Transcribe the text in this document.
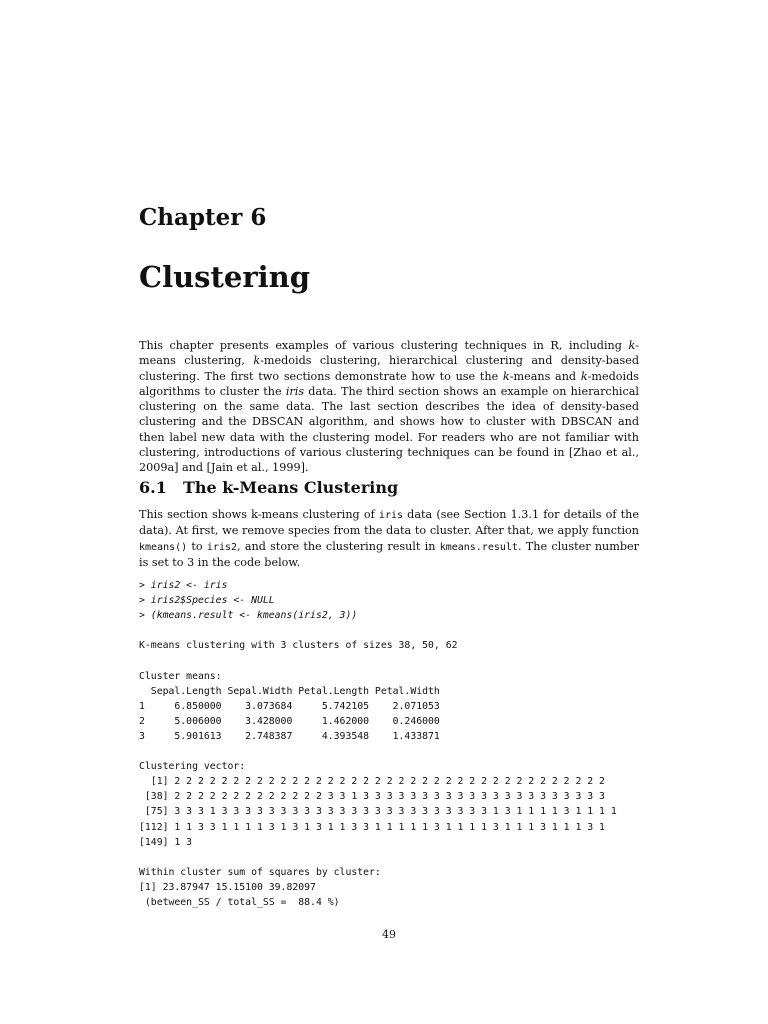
Chapter 6
Clustering

This chapter presents examples of various clustering techniques in R, including k-means clustering, k-medoids clustering, hierarchical clustering and density-based clustering. The first two sections demonstrate how to use the k-means and k-medoids algorithms to cluster the iris data. The third section shows an example on hierarchical clustering on the same data. The last section describes the idea of density-based clustering and the DBSCAN algorithm, and shows how to cluster with DBSCAN and then label new data with the clustering model. For readers who are not familiar with clustering, introductions of various clustering techniques can be found in [Zhao et al., 2009a] and [Jain et al., 1999].

6.1 The k-Means Clustering

This section shows k-means clustering of iris data (see Section 1.3.1 for details of the data). At first, we remove species from the data to cluster. After that, we apply function kmeans() to iris2, and store the clustering result in kmeans.result. The cluster number is set to 3 in the code below.

> iris2 <- iris
> iris2$Species <- NULL
> (kmeans.result <- kmeans(iris2, 3))

K-means clustering with 3 clusters of sizes 38, 50, 62

Cluster means:
Sepal.Length Sepal.Width Petal.Length Petal.Width
1     6.850000    3.073684     5.742105    2.071053
2     5.006000    3.428000     1.462000    0.246000
3     5.901613    2.748387     4.393548    1.433871

Clustering vector:
[1] 2 2 2 2 2 2 2 2 2 2 2 2 2 2 2 2 2 2 2 2 2 2 2 2 2 2 2 2 2 2 2 2 2 2 2 2 2
[38] 2 2 2 2 2 2 2 2 2 2 2 2 2 3 3 1 3 3 3 3 3 3 3 3 3 3 3 3 3 3 3 3 3 3 3 3 3
[75] 3 3 3 1 3 3 3 3 3 3 3 3 3 3 3 3 3 3 3 3 3 3 3 3 3 3 3 1 3 1 1 1 1 3 1 1 1 1
[112] 1 1 3 3 1 1 1 1 3 1 3 1 3 1 1 3 3 1 1 1 1 1 3 1 1 1 1 3 1 1 1 3 1 1 1 3 1
[149] 1 3

Within cluster sum of squares by cluster:
[1] 23.87947 15.15100 39.82097
(between_SS / total_SS =  88.4 %)
49
